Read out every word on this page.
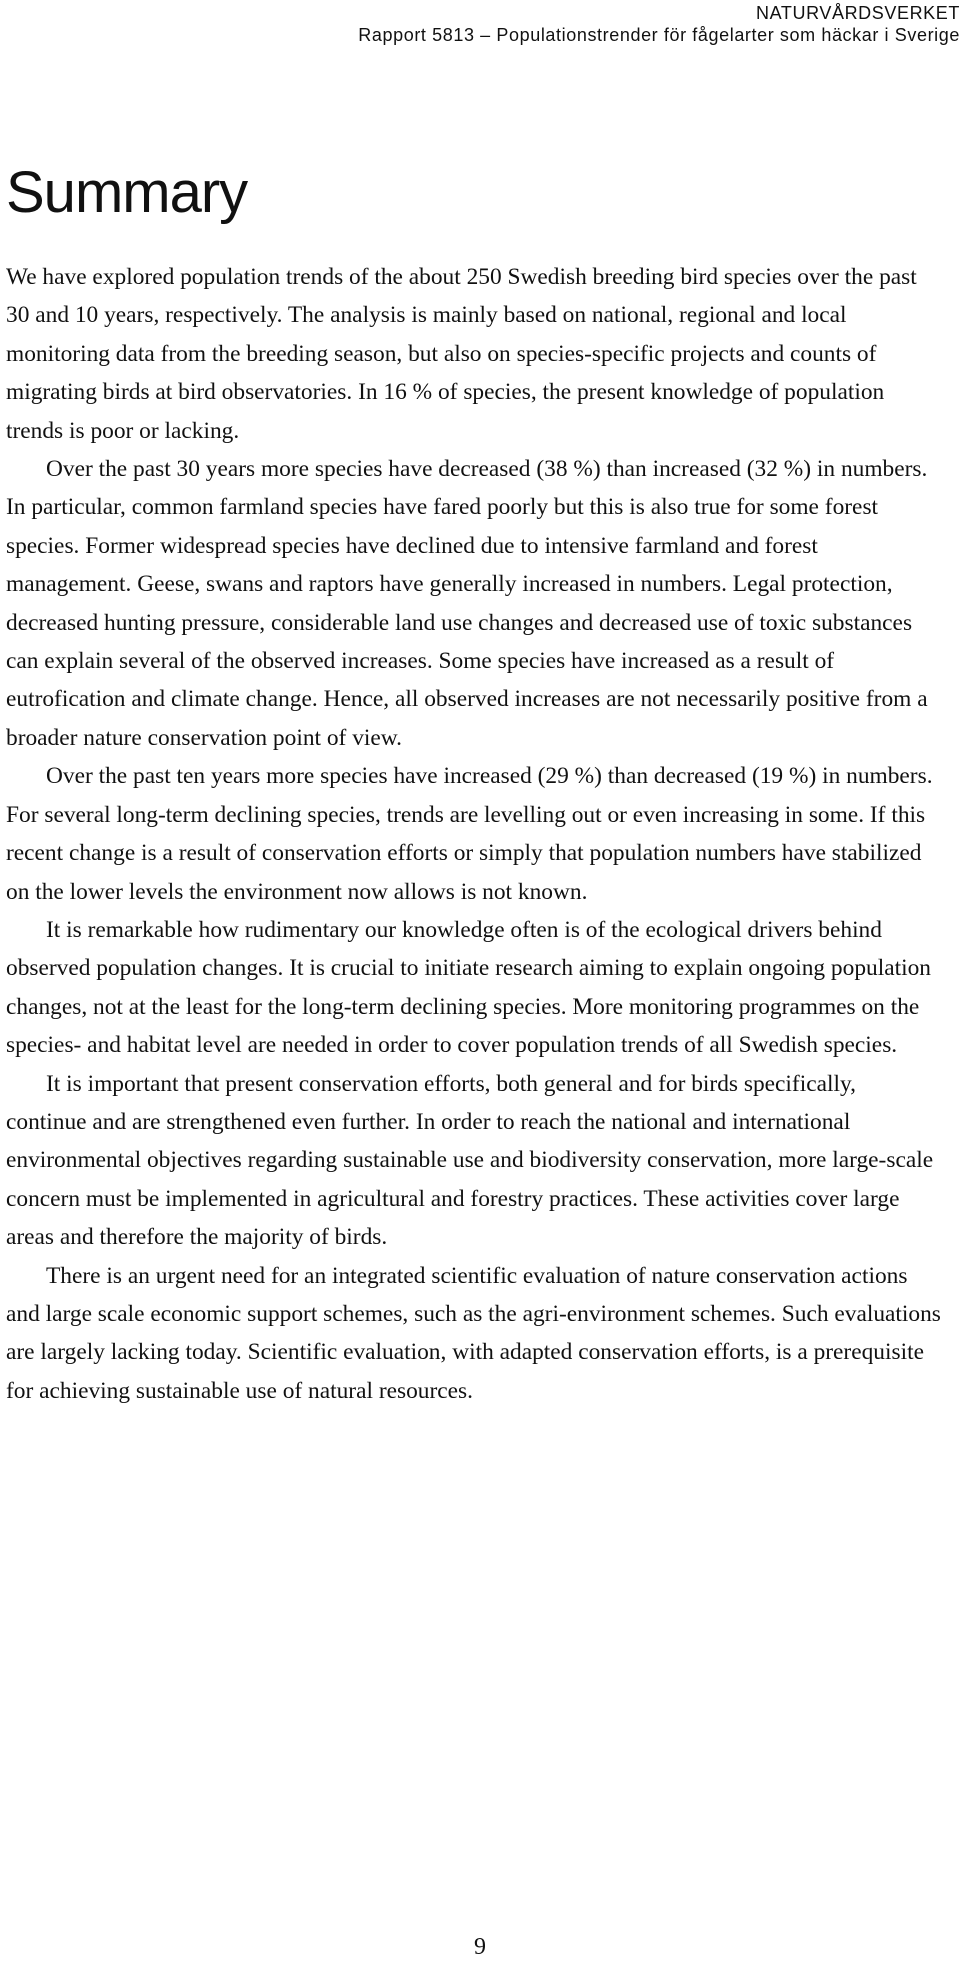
NATURVÅRDSVERKET
Rapport 5813 – Populationstrender för fågelarter som häckar i Sverige
Summary

We have explored population trends of the about 250 Swedish breeding bird species over the past 30 and 10 years, respectively. The analysis is mainly based on national, regional and local monitoring data from the breeding season, but also on species-specific projects and counts of migrating birds at bird observatories. In 16 % of species, the present knowledge of population trends is poor or lacking.

Over the past 30 years more species have decreased (38 %) than increased (32 %) in numbers. In particular, common farmland species have fared poorly but this is also true for some forest species. Former widespread species have declined due to intensive farmland and forest management. Geese, swans and raptors have generally increased in numbers. Legal protection, decreased hunting pressure, considerable land use changes and decreased use of toxic substances can explain several of the observed increases. Some species have increased as a result of eutrofication and climate change. Hence, all observed increases are not necessarily positive from a broader nature conservation point of view.

Over the past ten years more species have increased (29 %) than decreased (19 %) in numbers. For several long-term declining species, trends are levelling out or even increasing in some. If this recent change is a result of conservation efforts or simply that population numbers have stabilized on the lower levels the environment now allows is not known.

It is remarkable how rudimentary our knowledge often is of the ecological drivers behind observed population changes. It is crucial to initiate research aiming to explain ongoing population changes, not at the least for the long-term declining species. More monitoring programmes on the species- and habitat level are needed in order to cover population trends of all Swedish species.

It is important that present conservation efforts, both general and for birds specifically, continue and are strengthened even further. In order to reach the national and international environmental objectives regarding sustainable use and biodiversity conservation, more large-scale concern must be implemented in agricultural and forestry practices. These activities cover large areas and therefore the majority of birds.

There is an urgent need for an integrated scientific evaluation of nature conservation actions and large scale economic support schemes, such as the agri-environment schemes. Such evaluations are largely lacking today. Scientific evaluation, with adapted conservation efforts, is a prerequisite for achieving sustainable use of natural resources.

9
